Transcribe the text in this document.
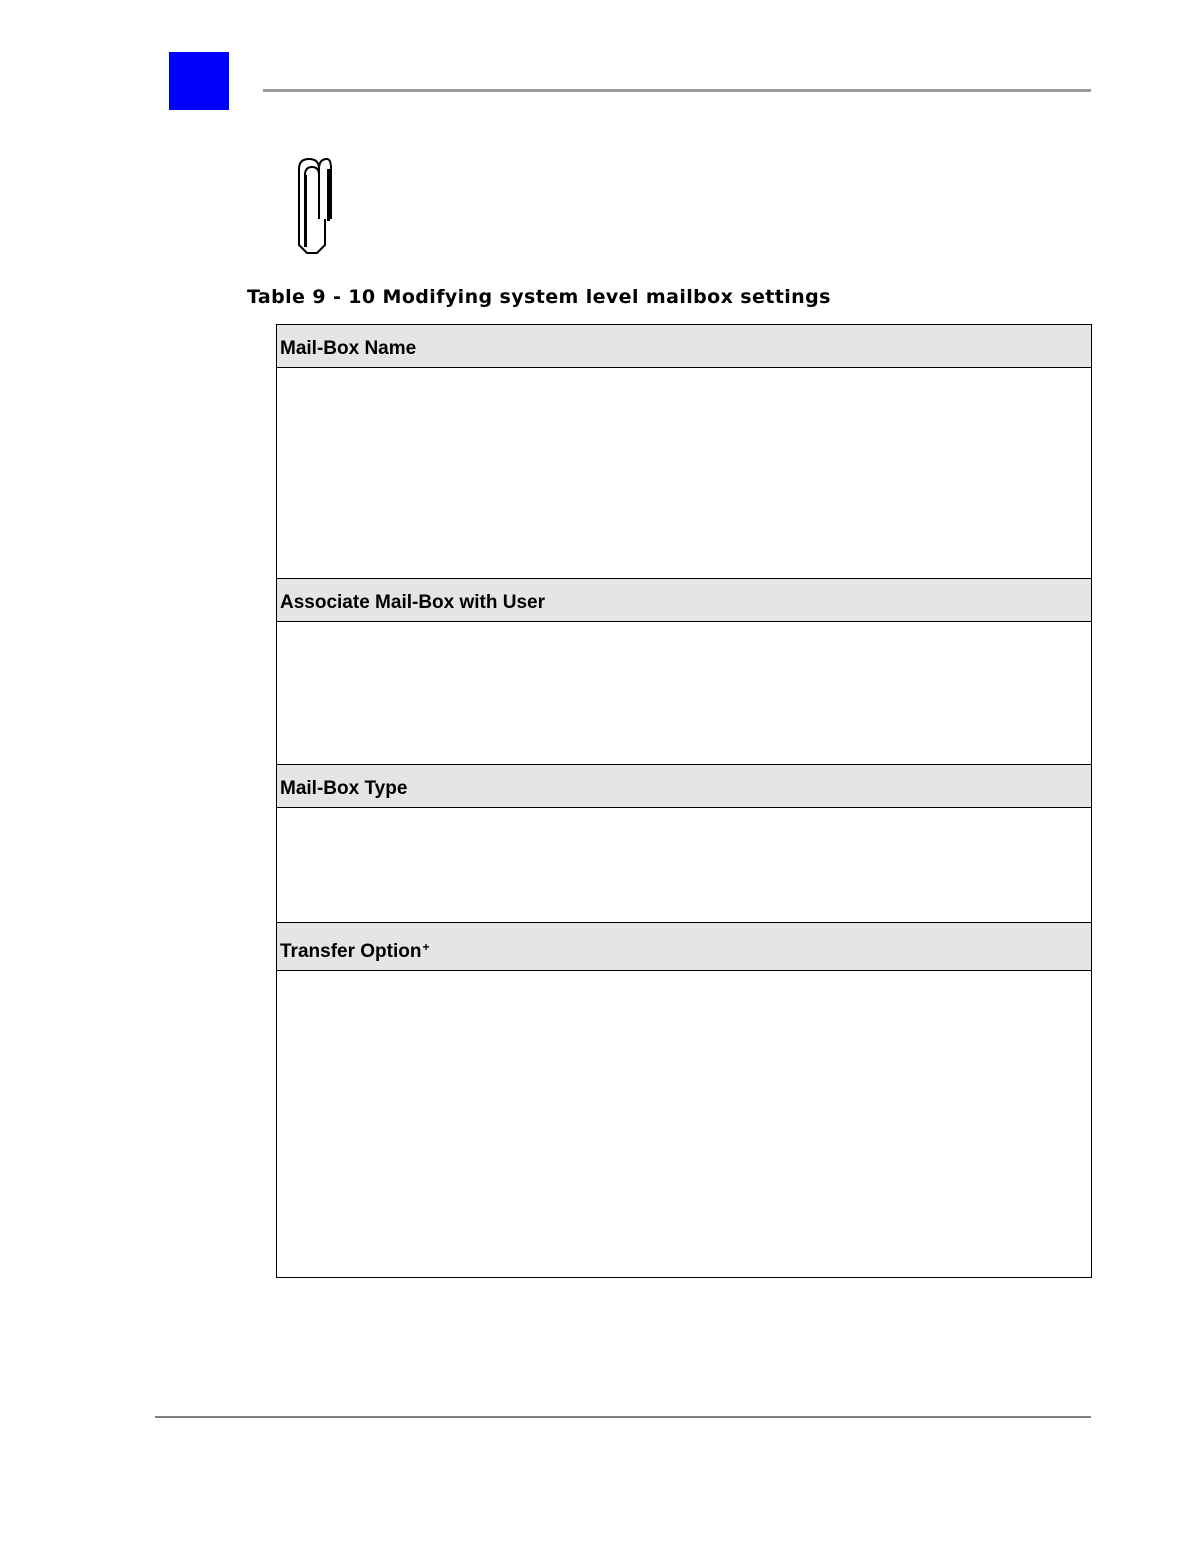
Table 9 - 10 Modifying system level mailbox settings

Mail-Box Name

Associate Mail-Box with User

Mail-Box Type

Transfer Option+
